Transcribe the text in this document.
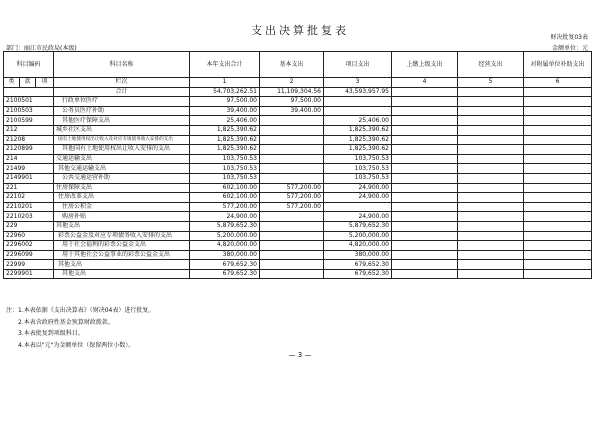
支出决算批复表
财决批复03表
部门：丽江市民政局(本级)	金额单位：元
科目编码			科目名称	本年支出合计	基本支出	项目支出	上缴上级支出	经营支出	对附属单位补助支出
类	款	项	栏次	1	2	3	4	5	6
			合计	54,703,262.51	11,109,304.56	43,593,957.95			
2100501			行政单位医疗	97,500.00	97,500.00				
2100503			公务员医疗补助	39,400.00	39,400.00				
2100599			其他医疗保障支出	25,406.00		25,406.00			
212			城乡社区支出	1,825,390.62		1,825,390.62			
21208			国有土地使用权出让收入及对应专项债务收入安排的支出	1,825,390.62		1,825,390.62			
2120899			其他国有土地使用权出让收入安排的支出	1,825,390.62		1,825,390.62			
214			交通运输支出	103,750.53		103,750.53			
21499			其他交通运输支出	103,750.53		103,750.53			
2149901			公共交通运营补助	103,750.53		103,750.53			
221			住房保障支出	602,100.00	577,200.00	24,900.00			
22102			住房改革支出	602,100.00	577,200.00	24,900.00			
2210201			住房公积金	577,200.00	577,200.00				
2210203			购房补贴	24,900.00		24,900.00			
229			其他支出	5,879,652.30		5,879,652.30			
22960			彩票公益金及对应专项债务收入安排的支出	5,200,000.00		5,200,000.00			
2296002			用于社会福利的彩票公益金支出	4,820,000.00		4,820,000.00			
2296099			用于其他社会公益事业的彩票公益金支出	380,000.00		380,000.00			
22999			其他支出	679,652.30		679,652.30			
2299901			其他支出	679,652.30		679,652.30			
注：1.本表依据《支出决算表》（财决04表）进行批复。
2.本表含政府性基金预算财政拨款。
3.本表批复到项级科目。
4.本表以"元"为金额单位（保留两位小数）。
— 3 —
